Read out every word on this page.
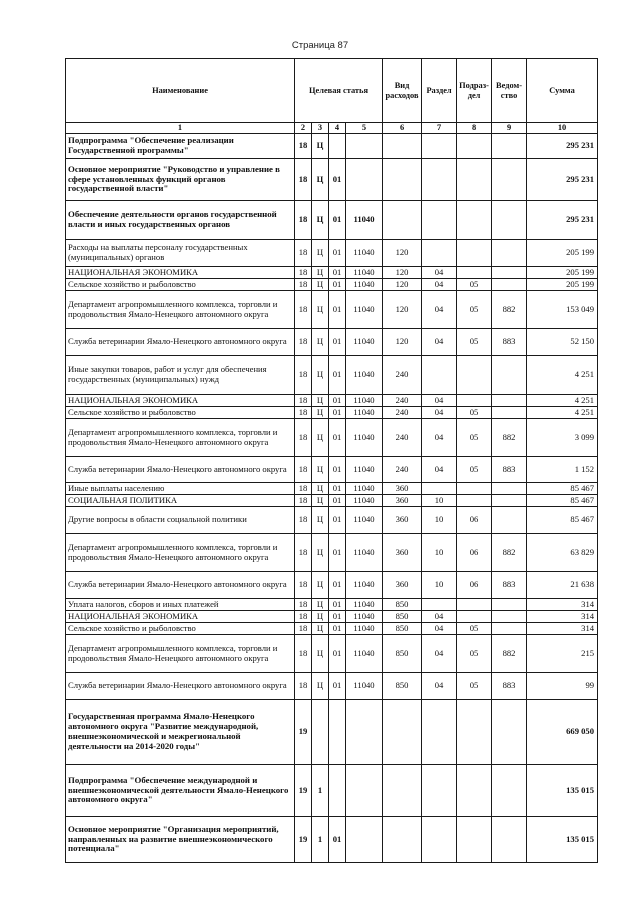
Страница 87
Наименование	Целевая статья				Вид расходов	Раздел	Подраз-дел	Ведом-ство	Сумма
1	2	3	4	5	6	7	8	9	10
Подпрограмма "Обеспечение реализации Государственной программы"	18	Ц							295 231
Основное мероприятие "Руководство и управление в сфере установленных функций органов государственной власти"	18	Ц	01						295 231
Обеспечение деятельности органов государственной власти и иных государственных органов	18	Ц	01	11040					295 231
Расходы на выплаты персоналу государственных (муниципальных) органов	18	Ц	01	11040	120				205 199
НАЦИОНАЛЬНАЯ ЭКОНОМИКА	18	Ц	01	11040	120	04			205 199
Сельское хозяйство и рыболовство	18	Ц	01	11040	120	04	05		205 199
Департамент агропромышленного комплекса, торговли и продовольствия Ямало-Ненецкого автономного округа	18	Ц	01	11040	120	04	05	882	153 049
Служба ветеринарии Ямало-Ненецкого автономного округа	18	Ц	01	11040	120	04	05	883	52 150
Иные закупки товаров, работ и услуг для обеспечения государственных (муниципальных) нужд	18	Ц	01	11040	240				4 251
НАЦИОНАЛЬНАЯ ЭКОНОМИКА	18	Ц	01	11040	240	04			4 251
Сельское хозяйство и рыболовство	18	Ц	01	11040	240	04	05		4 251
Департамент агропромышленного комплекса, торговли и продовольствия Ямало-Ненецкого автономного округа	18	Ц	01	11040	240	04	05	882	3 099
Служба ветеринарии Ямало-Ненецкого автономного округа	18	Ц	01	11040	240	04	05	883	1 152
Иные выплаты населению	18	Ц	01	11040	360				85 467
СОЦИАЛЬНАЯ ПОЛИТИКА	18	Ц	01	11040	360	10			85 467
Другие вопросы в области социальной политики	18	Ц	01	11040	360	10	06		85 467
Департамент агропромышленного комплекса, торговли и продовольствия Ямало-Ненецкого автономного округа	18	Ц	01	11040	360	10	06	882	63 829
Служба ветеринарии Ямало-Ненецкого автономного округа	18	Ц	01	11040	360	10	06	883	21 638
Уплата налогов, сборов и иных платежей	18	Ц	01	11040	850				314
НАЦИОНАЛЬНАЯ ЭКОНОМИКА	18	Ц	01	11040	850	04			314
Сельское хозяйство и рыболовство	18	Ц	01	11040	850	04	05		314
Департамент агропромышленного комплекса, торговли и продовольствия Ямало-Ненецкого автономного округа	18	Ц	01	11040	850	04	05	882	215
Служба ветеринарии Ямало-Ненецкого автономного округа	18	Ц	01	11040	850	04	05	883	99
Государственная программа Ямало-Ненецкого автономного округа "Развитие международной, внешнеэкономической и межрегиональной деятельности на 2014-2020 годы"	19								669 050
Подпрограмма "Обеспечение международной и внешнеэкономической деятельности Ямало-Ненецкого автономного округа"	19	1							135 015
Основное мероприятие "Организация мероприятий, направленных на развитие внешнеэкономического потенциала"	19	1	01						135 015
